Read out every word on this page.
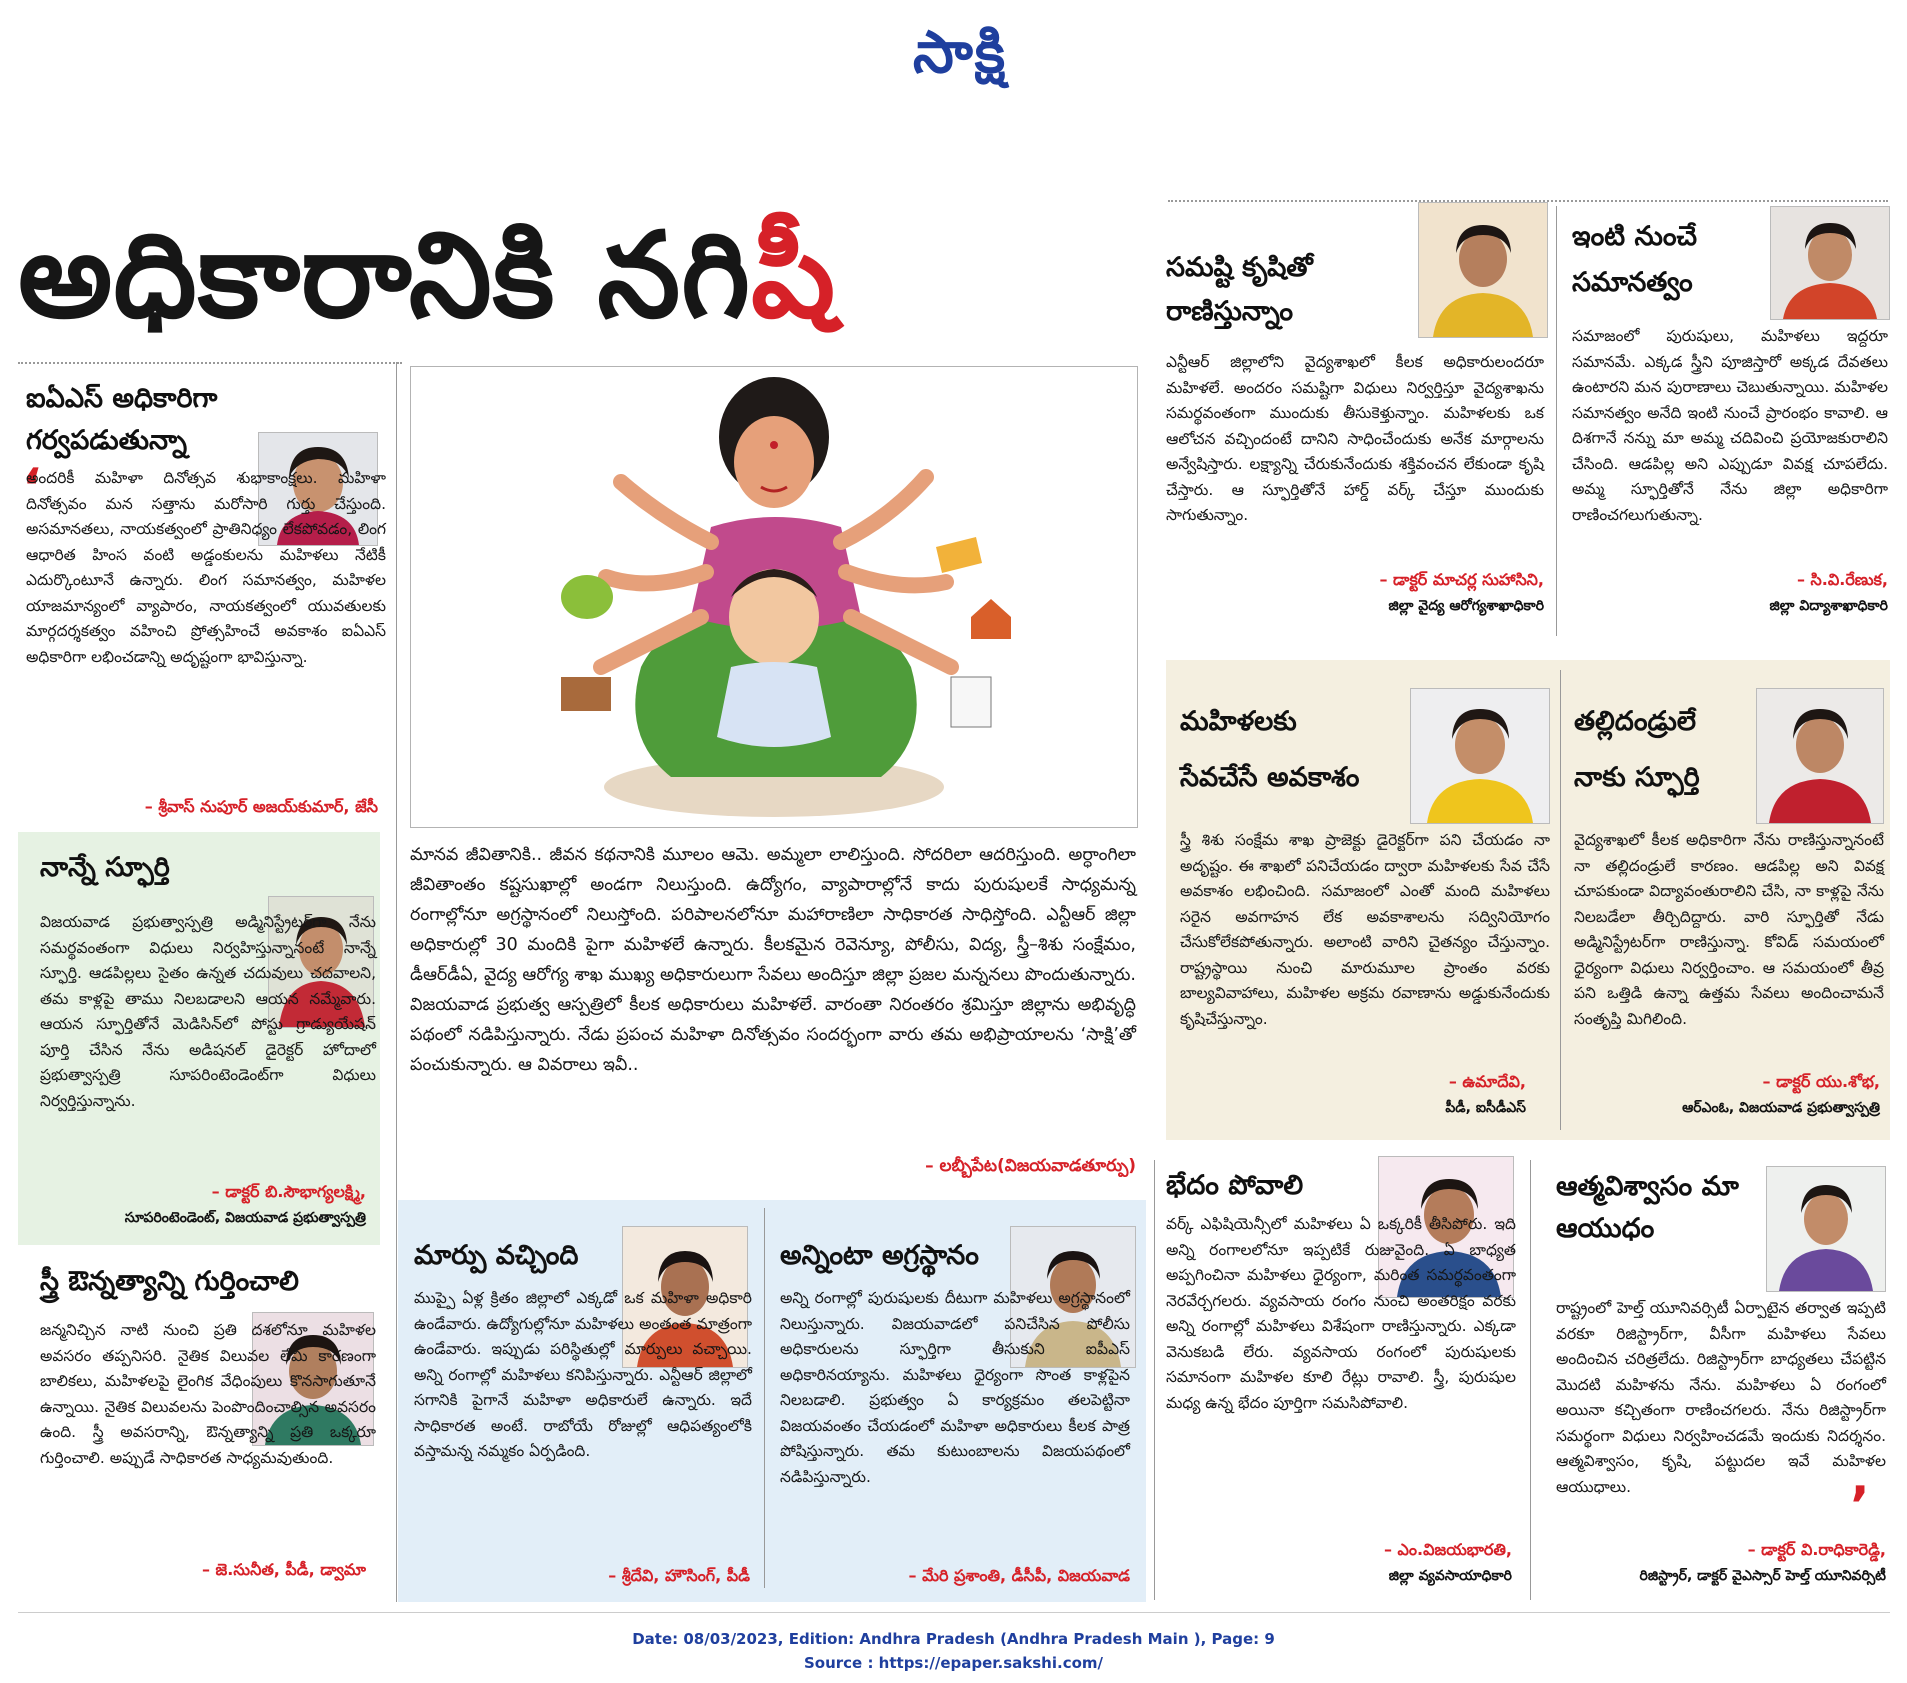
సాక్షి
అధికారానికి నగిషీ
ఐఏఎస్ అధికారిగా గర్వపడుతున్నా
‘
అందరికీ మహిళా దినోత్సవ శుభాకాంక్షలు. మహిళా దినోత్సవం మన సత్తాను మరోసారి గుర్తు చేస్తుంది. అసమానతలు, నాయకత్వంలో ప్రాతినిధ్యం లేకపోవడం, లింగ ఆధారిత హింస వంటి అడ్డంకులను మహిళలు నేటికీ ఎదుర్కొంటూనే ఉన్నారు. లింగ సమానత్వం, మహిళల యాజమాన్యంలో వ్యాపారం, నాయకత్వంలో యువతులకు మార్గదర్శకత్వం వహించి ప్రోత్సహించే అవకాశం ఐఏఎస్ అధికారిగా లభించడాన్ని అదృష్టంగా భావిస్తున్నా.
– శ్రీవాస్ నుపూర్ అజయ్‌కుమార్, జేసీ
నాన్నే స్ఫూర్తి
విజయవాడ ప్రభుత్వాస్పత్రి అడ్మినిస్ట్రేటర్‌గా నేను సమర్థవంతంగా విధులు నిర్వహిస్తున్నానంటే నాన్నే స్ఫూర్తి. ఆడపిల్లలు సైతం ఉన్నత చదువులు చదవాలని, తమ కాళ్లపై తాము నిలబడాలని ఆయన నమ్మేవారు. ఆయన స్ఫూర్తితోనే మెడిసిన్‌లో పోస్టు గ్రాడ్యుయేషన్ పూర్తి చేసిన నేను అడిషనల్ డైరెక్టర్ హోదాలో ప్రభుత్వాస్పత్రి సూపరింటెండెంట్‌గా విధులు నిర్వర్తిస్తున్నాను.
– డాక్టర్ బి.సౌభాగ్యలక్ష్మి,
సూపరింటెండెంట్, విజయవాడ ప్రభుత్వాస్పత్రి
స్త్రీ ఔన్నత్యాన్ని గుర్తించాలి
జన్మనిచ్చిన నాటి నుంచి ప్రతి దశలోనూ మహిళల అవసరం తప్పనిసరి. నైతిక విలువల లేమి కారణంగా బాలికలు, మహిళలపై లైంగిక వేధింపులు కొనసాగుతూనే ఉన్నాయి. నైతిక విలువలను పెంపొందించాల్సిన అవసరం ఉంది. స్త్రీ అవసరాన్ని, ఔన్నత్యాన్ని ప్రతి ఒక్కరూ గుర్తించాలి. అప్పుడే సాధికారత సాధ్యమవుతుంది.
– జె.సునీత, పీడీ, డ్వామా
మానవ జీవితానికి.. జీవన కథనానికి మూలం ఆమె. అమ్మలా లాలిస్తుంది. సోదరిలా ఆదరిస్తుంది. అర్ధాంగిలా జీవితాంతం కష్టసుఖాల్లో అండగా నిలుస్తుంది. ఉద్యోగం, వ్యాపారాల్లోనే కాదు పురుషులకే సాధ్యమన్న రంగాల్లోనూ అగ్రస్థానంలో నిలుస్తోంది. పరిపాలనలోనూ మహారాణిలా సాధికారత సాధిస్తోంది. ఎన్టీఆర్ జిల్లా అధికారుల్లో 30 మందికి పైగా మహిళలే ఉన్నారు. కీలకమైన రెవెన్యూ, పోలీసు, విద్య, స్త్రీ–శిశు సంక్షేమం, డీఆర్‌డీఏ, వైద్య ఆరోగ్య శాఖ ముఖ్య అధికారులుగా సేవలు అందిస్తూ జిల్లా ప్రజల మన్ననలు పొందుతున్నారు. విజయవాడ ప్రభుత్వ ఆస్పత్రిలో కీలక అధికారులు మహిళలే. వారంతా నిరంతరం శ్రమిస్తూ జిల్లాను అభివృద్ధి పథంలో నడిపిస్తున్నారు. నేడు ప్రపంచ మహిళా దినోత్సవం సందర్భంగా వారు తమ అభిప్రాయాలను ‘సాక్షి’తో పంచుకున్నారు. ఆ వివరాలు ఇవీ..
– లబ్బీపేట(విజయవాడతూర్పు)
మార్పు వచ్చింది
ముప్పై ఏళ్ల క్రితం జిల్లాలో ఎక్కడో ఒక మహిళా అధికారి ఉండేవారు. ఉద్యోగుల్లోనూ మహిళలు అంతంత మాత్రంగా ఉండేవారు. ఇప్పుడు పరిస్థితుల్లో మార్పులు వచ్చాయి. అన్ని రంగాల్లో మహిళలు కనిపిస్తున్నారు. ఎన్టీఆర్ జిల్లాలో సగానికి పైగానే మహిళా అధికారులే ఉన్నారు. ఇదే సాధికారత అంటే. రాబోయే రోజుల్లో ఆధిపత్యంలోకి వస్తామన్న నమ్మకం ఏర్పడింది.
– శ్రీదేవి, హౌసింగ్, పీడీ
అన్నింటా అగ్రస్థానం
అన్ని రంగాల్లో పురుషులకు దీటుగా మహిళలు అగ్రస్థానంలో నిలుస్తున్నారు. విజయవాడలో పనిచేసిన పోలీసు అధికారులను స్ఫూర్తిగా తీసుకుని ఐపీఎస్ అధికారినయ్యాను. మహిళలు ధైర్యంగా సొంత కాళ్లపైన నిలబడాలి. ప్రభుత్వం ఏ కార్యక్రమం తలపెట్టినా విజయవంతం చేయడంలో మహిళా అధికారులు కీలక పాత్ర పోషిస్తున్నారు. తమ కుటుంబాలను విజయపథంలో నడిపిస్తున్నారు.
– మేరి ప్రశాంతి, డీసీపీ, విజయవాడ
సమష్టి కృషితో రాణిస్తున్నాం
ఎన్టీఆర్ జిల్లాలోని వైద్యశాఖలో కీలక అధికారులందరూ మహిళలే. అందరం సమష్టిగా విధులు నిర్వర్తిస్తూ వైద్యశాఖను సమర్థవంతంగా ముందుకు తీసుకెళ్తున్నాం. మహిళలకు ఒక ఆలోచన వచ్చిందంటే దానిని సాధించేందుకు అనేక మార్గాలను అన్వేషిస్తారు. లక్ష్యాన్ని చేరుకునేందుకు శక్తివంచన లేకుండా కృషి చేస్తారు. ఆ స్ఫూర్తితోనే హార్డ్ వర్క్ చేస్తూ ముందుకు సాగుతున్నాం.
– డాక్టర్ మాచర్ల సుహాసిని,
జిల్లా వైద్య ఆరోగ్యశాఖాధికారి
ఇంటి నుంచే సమానత్వం
సమాజంలో పురుషులు, మహిళలు ఇద్దరూ సమానమే. ఎక్కడ స్త్రీని పూజిస్తారో అక్కడ దేవతలు ఉంటారని మన పురాణాలు చెబుతున్నాయి. మహిళల సమానత్వం అనేది ఇంటి నుంచే ప్రారంభం కావాలి. ఆ దిశగానే నన్ను మా అమ్మ చదివించి ప్రయోజకురాలిని చేసింది. ఆడపిల్ల అని ఎప్పుడూ వివక్ష చూపలేదు. అమ్మ స్ఫూర్తితోనే నేను జిల్లా అధికారిగా రాణించగలుగుతున్నా.
– సి.వి.రేణుక,
జిల్లా విద్యాశాఖాధికారి
మహిళలకు సేవచేసే అవకాశం
స్త్రీ శిశు సంక్షేమ శాఖ ప్రాజెక్టు డైరెక్టర్‌గా పని చేయడం నా అదృష్టం. ఈ శాఖలో పనిచేయడం ద్వారా మహిళలకు సేవ చేసే అవకాశం లభించింది. సమాజంలో ఎంతో మంది మహిళలు సరైన అవగాహన లేక అవకాశాలను సద్వినియోగం చేసుకోలేకపోతున్నారు. అలాంటి వారిని చైతన్యం చేస్తున్నాం. రాష్ట్రస్థాయి నుంచి మారుమూల ప్రాంతం వరకు బాల్యవివాహాలు, మహిళల అక్రమ రవాణాను అడ్డుకునేందుకు కృషిచేస్తున్నాం.
– ఉమాదేవి,
పీడీ, ఐసీడీఎస్
తల్లిదండ్రులే నాకు స్ఫూర్తి
వైద్యశాఖలో కీలక అధికారిగా నేను రాణిస్తున్నానంటే నా తల్లిదండ్రులే కారణం. ఆడపిల్ల అని వివక్ష చూపకుండా విద్యావంతురాలిని చేసి, నా కాళ్లపై నేను నిలబడేలా తీర్చిదిద్దారు. వారి స్ఫూర్తితో నేడు అడ్మినిస్ట్రేటర్‌గా రాణిస్తున్నా. కోవిడ్ సమయంలో ధైర్యంగా విధులు నిర్వర్తించాం. ఆ సమయంలో తీవ్ర పని ఒత్తిడి ఉన్నా ఉత్తమ సేవలు అందించామనే సంతృప్తి మిగిలింది.
– డాక్టర్ యు.శోభ,
ఆర్ఎంఓ, విజయవాడ ప్రభుత్వాస్పత్రి
భేదం పోవాలి
వర్క్ ఎఫిషియెన్సీలో మహిళలు ఏ ఒక్కరికీ తీసిపోరు. ఇది అన్ని రంగాలలోనూ ఇప్పటికే రుజువైంది. ఏ బాధ్యత అప్పగించినా మహిళలు ధైర్యంగా, మరింత సమర్థవంతంగా నెరవేర్చగలరు. వ్యవసాయ రంగం నుంచి అంతరిక్షం వరకు అన్ని రంగాల్లో మహిళలు విశేషంగా రాణిస్తున్నారు. ఎక్కడా వెనుకబడి లేరు. వ్యవసాయ రంగంలో పురుషులకు సమానంగా మహిళల కూలి రేట్లు రావాలి. స్త్రీ, పురుషుల మధ్య ఉన్న భేదం పూర్తిగా సమసిపోవాలి.
– ఎం.విజయభారతి,
జిల్లా వ్యవసాయాధికారి
ఆత్మవిశ్వాసం మా ఆయుధం
రాష్ట్రంలో హెల్త్ యూనివర్సిటీ ఏర్పాటైన తర్వాత ఇప్పటి వరకూ రిజిస్ట్రార్‌గా, వీసీగా మహిళలు సేవలు అందించిన చరిత్రలేదు. రిజిస్ట్రార్‌గా బాధ్యతలు చేపట్టిన మొదటి మహిళను నేను. మహిళలు ఏ రంగంలో అయినా కచ్చితంగా రాణించగలరు. నేను రిజిస్ట్రార్‌గా సమర్థంగా విధులు నిర్వహించడమే ఇందుకు నిదర్శనం. ఆత్మవిశ్వాసం, కృషి, పట్టుదల ఇవే మహిళల ఆయుధాలు.	’
– డాక్టర్ వి.రాధికారెడ్డి,
రిజిస్ట్రార్, డాక్టర్ వైఎస్సార్ హెల్త్ యూనివర్సిటీ
Date: 08/03/2023, Edition: Andhra Pradesh (Andhra Pradesh Main ), Page: 9
Source : https://epaper.sakshi.com/
